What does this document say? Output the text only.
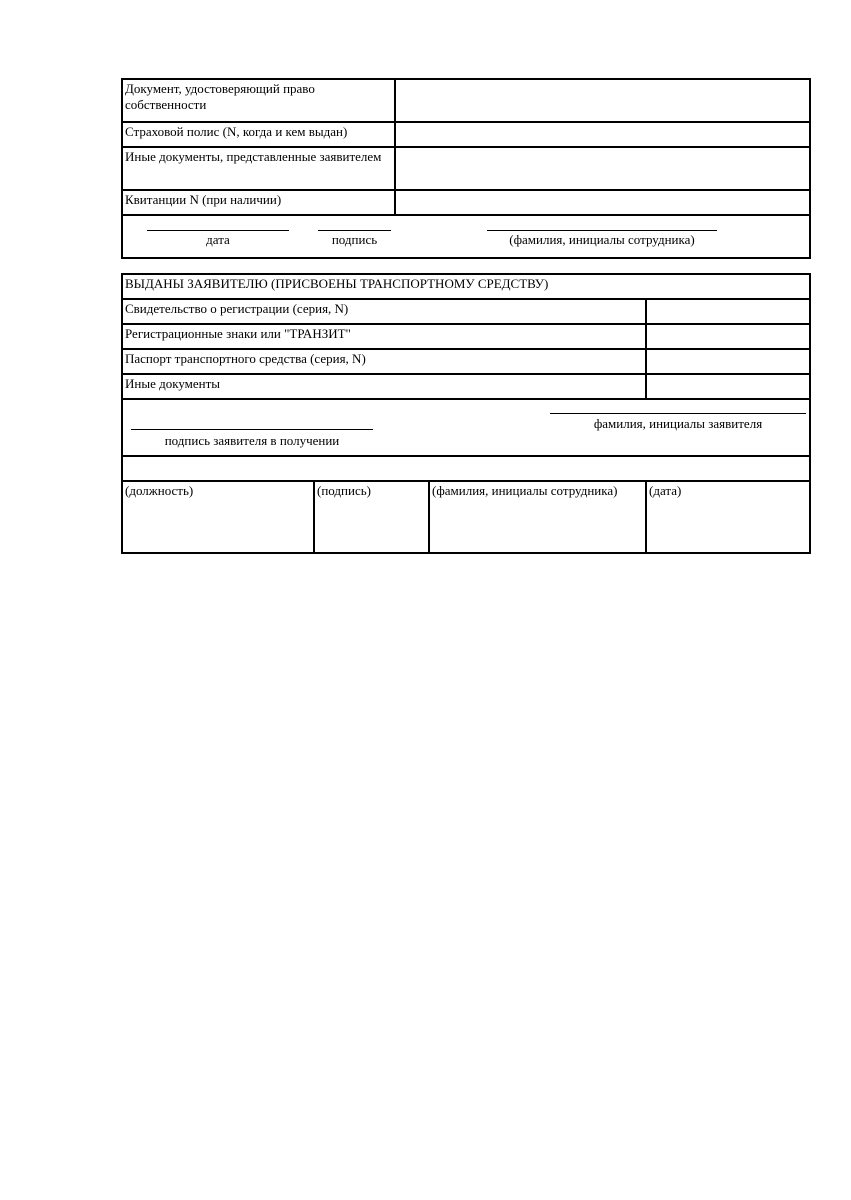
Документ, удостоверяющий право собственности	

Страховой полис (N, когда и кем выдан)	

Иные документы, представленные заявителем	

Квитанции N (при наличии)	

дата подпись (фамилия, инициалы сотрудника)	
ВЫДАНЫ ЗАЯВИТЕЛЮ (ПРИСВОЕНЫ ТРАНСПОРТНОМУ СРЕДСТВУ)			

Свидетельство о регистрации (серия, N)			

Регистрационные знаки или "ТРАНЗИТ"			

Паспорт транспортного средства (серия, N)			

Иные документы			

фамилия, инициалы заявителя
подпись заявителя в получении			

(должность)	(подпись)	(фамилия, инициалы сотрудника)	(дата)
